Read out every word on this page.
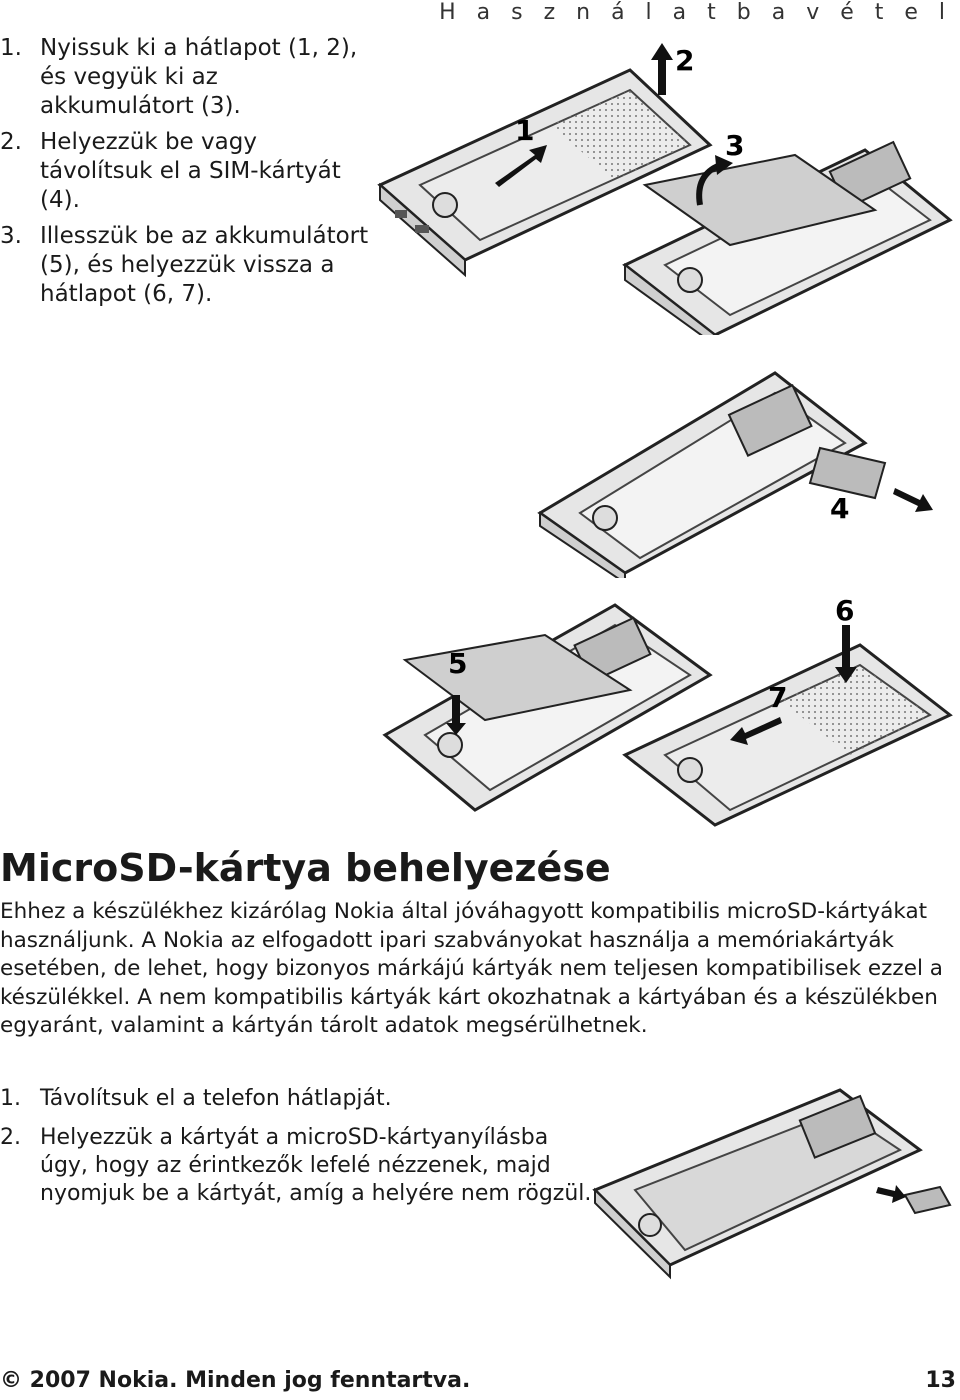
H a s z n á l a t b a v é t e l
1. Nyissuk ki a hátlapot (1, 2), és vegyük ki az akkumulátort (3).
2. Helyezzük be vagy távolítsuk el a SIM-kártyát (4).
3. Illesszük be az akkumulátort (5), és helyezzük vissza a hátlapot (6, 7).
1
2
3
4
5
6
7
MicroSD-kártya behelyezése

Ehhez a készülékhez kizárólag Nokia által jóváhagyott kompatibilis microSD-kártyákat használjunk. A Nokia az elfogadott ipari szabványokat használja a memóriakártyák esetében, de lehet, hogy bizonyos márkájú kártyák nem teljesen kompatibilisek ezzel a készülékkel. A nem kompatibilis kártyák kárt okozhatnak a kártyában és a készülékben egyaránt, valamint a kártyán tárolt adatok megsérülhetnek.

1. Távolítsuk el a telefon hátlapját.
2. Helyezzük a kártyát a microSD-kártyanyílásba úgy, hogy az érintkezők lefelé nézzenek, majd nyomjuk be a kártyát, amíg a helyére nem rögzül.
© 2007 Nokia. Minden jog fenntartva.	13
